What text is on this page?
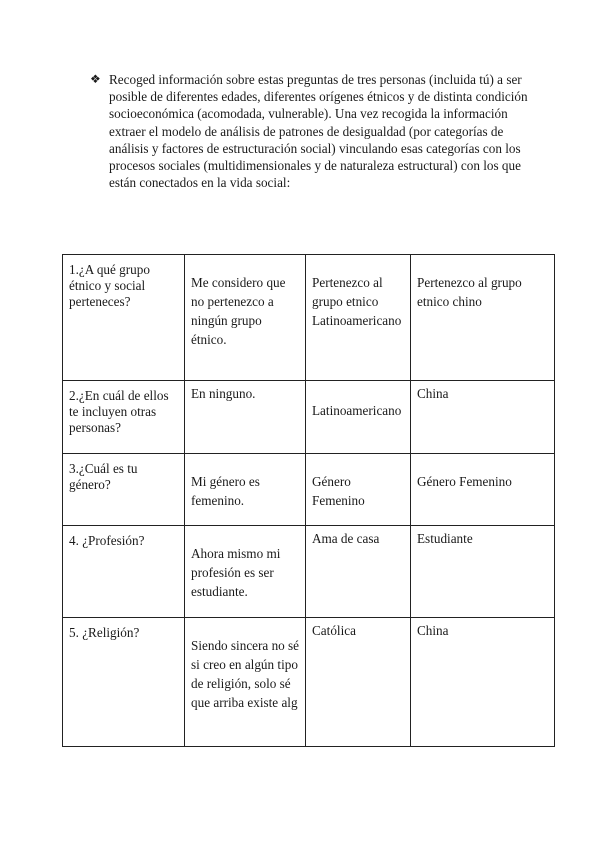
❖ Recoged información sobre estas preguntas de tres personas (incluida tú) a ser posible de diferentes edades, diferentes orígenes étnicos y de distinta condición socioeconómica (acomodada, vulnerable). Una vez recogida la información extraer el modelo de análisis de patrones de desigualdad (por categorías de análisis y factores de estructuración social) vinculando esas categorías con los procesos sociales (multidimensionales y de naturaleza estructural) con los que están conectados en la vida social:
1.¿A qué grupo étnico y social perteneces?	Me considero que no pertenezco a ningún grupo étnico.	Pertenezco al grupo etnico Latinoamericano	Pertenezco al grupo etnico chino

2.¿En cuál de ellos te incluyen otras personas?	En ninguno.	Latinoamericano	China

3.¿Cuál es tu género?	Mi género es femenino.	Género Femenino	Género Femenino

4. ¿Profesión?	Ahora mismo mi profesión es ser estudiante.	Ama de casa	Estudiante

5. ¿Religión?	Siendo sincera no sé si creo en algún tipo de religión, solo sé que arriba existe alg	Católica	China
